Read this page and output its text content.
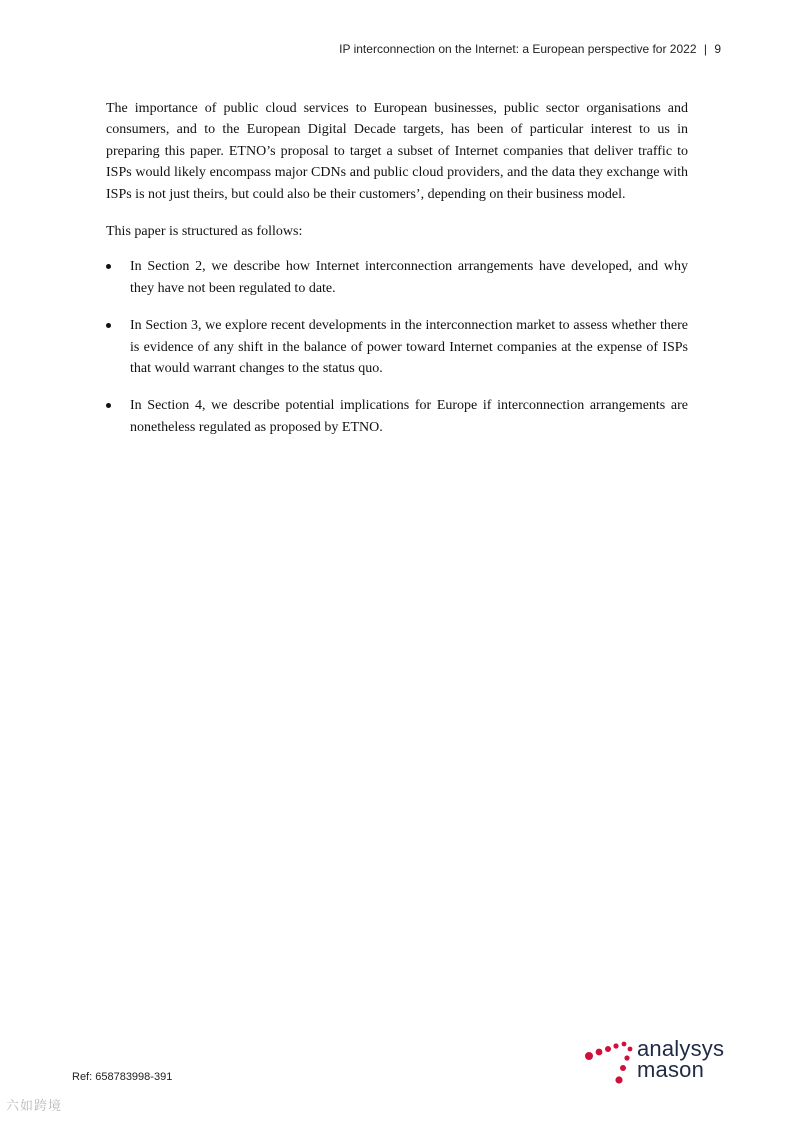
IP interconnection on the Internet: a European perspective for 2022 | 9

The importance of public cloud services to European businesses, public sector organisations and consumers, and to the European Digital Decade targets, has been of particular interest to us in preparing this paper. ETNO’s proposal to target a subset of Internet companies that deliver traffic to ISPs would likely encompass major CDNs and public cloud providers, and the data they exchange with ISPs is not just theirs, but could also be their customers’, depending on their business model.

This paper is structured as follows:

In Section 2, we describe how Internet interconnection arrangements have developed, and why they have not been regulated to date.
In Section 3, we explore recent developments in the interconnection market to assess whether there is evidence of any shift in the balance of power toward Internet companies at the expense of ISPs that would warrant changes to the status quo.
In Section 4, we describe potential implications for Europe if interconnection arrangements are nonetheless regulated as proposed by ETNO.
Ref: 658783998-391
analysys
mason
六如跨境
